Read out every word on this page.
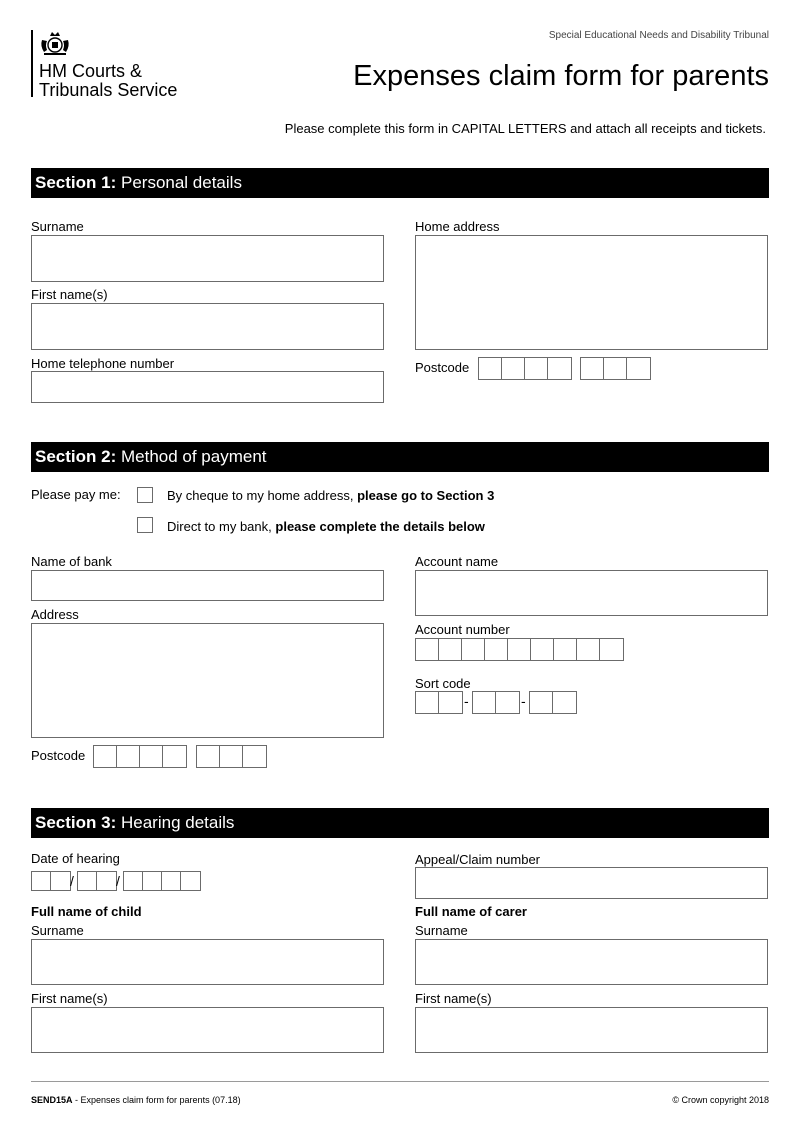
HM Courts &
Tribunals Service
Special Educational Needs and Disability Tribunal
Expenses claim form for parents
Please complete this form in CAPITAL LETTERS and attach all receipts and tickets.
Section 1: Personal details
Surname
First name(s)
Home telephone number
Home address
Postcode
Section 2: Method of payment
Please pay me:	By cheque to my home address, please go to Section 3
Direct to my bank, please complete the details below
Name of bank
Address
Postcode
Account name
Account number
Sort code
-	-
Section 3: Hearing details
Date of hearing
/	/
Appeal/Claim number
Full name of child
Surname
First name(s)
Full name of carer
Surname
First name(s)
SEND15A - Expenses claim form for parents (07.18)	© Crown copyright 2018
